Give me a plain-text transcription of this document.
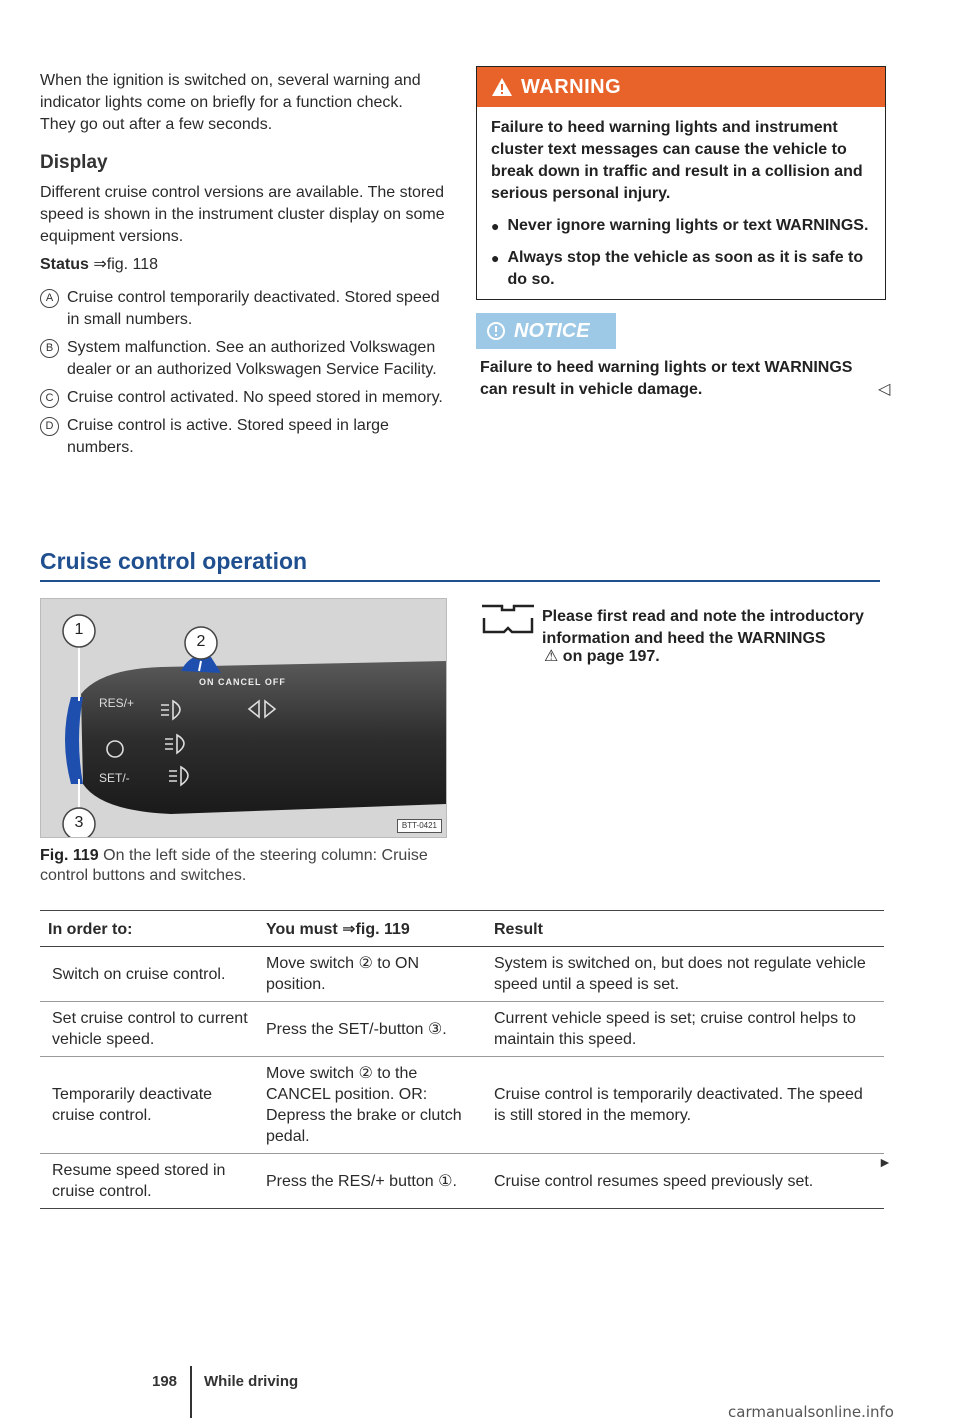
When the ignition is switched on, several warning and indicator lights come on briefly for a function check. They go out after a few seconds.

Display

Different cruise control versions are available. The stored speed is shown in the instrument cluster display on some equipment versions.

Status ⇒fig. 118
A Cruise control temporarily deactivated. Stored speed in small numbers.
B System malfunction. See an authorized Volkswagen dealer or an authorized Volkswagen Service Facility.
C Cruise control activated. No speed stored in memory.
D Cruise control is active. Stored speed in large numbers.
WARNING

Failure to heed warning lights and instrument cluster text messages can cause the vehicle to break down in traffic and result in a collision and serious personal injury.

● Never ignore warning lights or text WARNINGS.
● Always stop the vehicle as soon as it is safe to do so.
NOTICE

Failure to heed warning lights or text WARNINGS can result in vehicle damage.	◁
Cruise control operation
1
2
3
ON CANCEL OFF
RES/+
SET/-
BTT-0421

Fig. 119 On the left side of the steering column: Cruise control buttons and switches.

Please first read and note the introductory information and heed the WARNINGS

⚠ on page 197.
In order to:	You must ⇒fig. 119	Result
Switch on cruise control.	Move switch ② to ON position.	System is switched on, but does not regulate vehicle speed until a speed is set.
Set cruise control to current vehicle speed.	Press the SET/-button ③.	Current vehicle speed is set; cruise control helps to maintain this speed.
Temporarily deactivate cruise control.	Move switch ② to the CANCEL position. OR: Depress the brake or clutch pedal.	Cruise control is temporarily deactivated. The speed is still stored in the memory.
Resume speed stored in cruise control.	Press the RES/+ button ①.	Cruise control resumes speed previously set.
►
198 While driving
carmanualsonline.info
